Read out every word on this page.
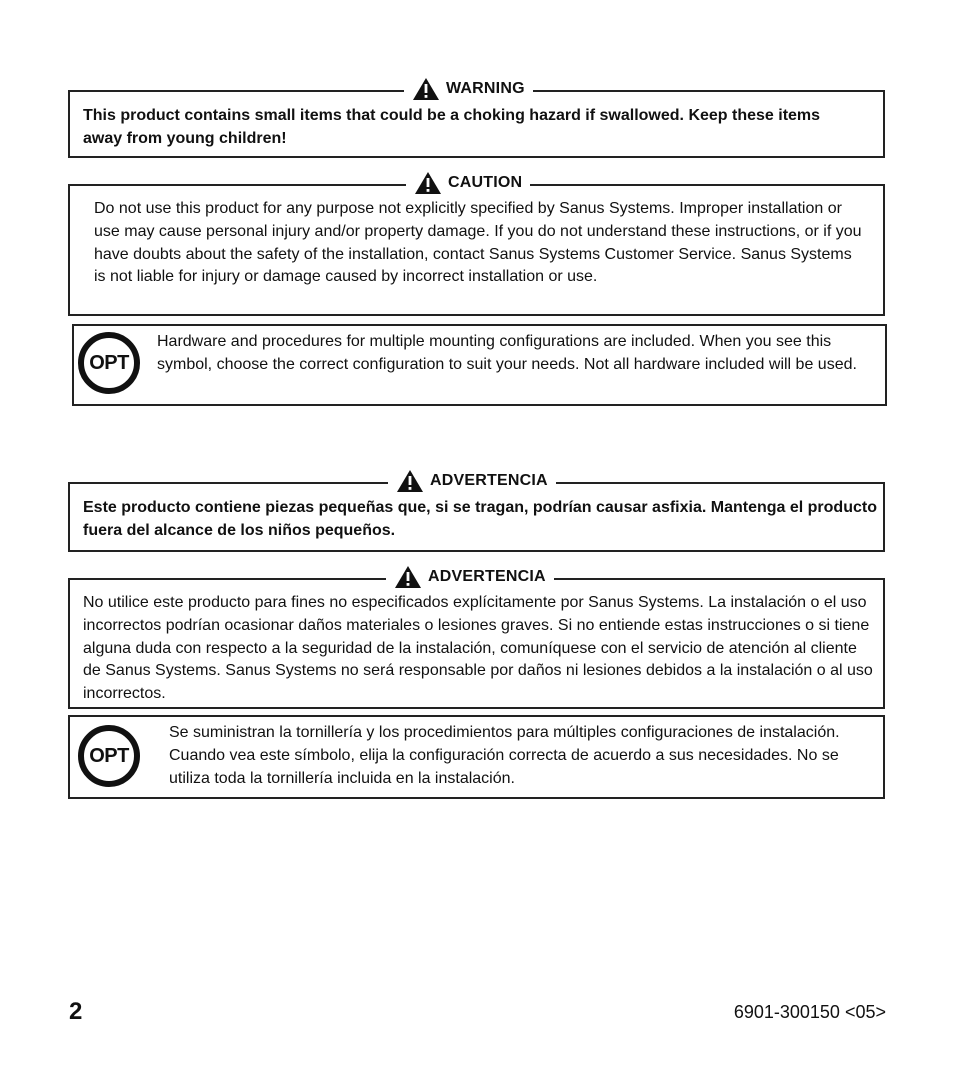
WARNING
This product contains small items that could be a choking hazard if swallowed. Keep these items away from young children!
CAUTION
Do not use this product for any purpose not explicitly specified by Sanus Systems. Improper installation or use may cause personal injury and/or property damage. If you do not understand these instructions, or if you have doubts about the safety of the installation, contact Sanus Systems Customer Service. Sanus Systems is not liable for injury or damage caused by incorrect installation or use.
OPT
Hardware and procedures for multiple mounting configurations are included. When you see this symbol, choose the correct configuration to suit your needs. Not all hardware included will be used.
ADVERTENCIA
Este producto contiene piezas pequeñas que, si se tragan, podrían causar asfixia. Mantenga el producto fuera del alcance de los niños pequeños.
ADVERTENCIA
No utilice este producto para fines no especificados explícitamente por Sanus Systems. La instalación o el uso incorrectos podrían ocasionar daños materiales o lesiones graves. Si no entiende estas instrucciones o si tiene alguna duda con respecto a la seguridad de la instalación, comuníquese con el servicio de atención al cliente de Sanus Systems. Sanus Systems no será responsable por daños ni lesiones debidos a la instalación o al uso incorrectos.
OPT
Se suministran la tornillería y los procedimientos para múltiples configuraciones de instalación. Cuando vea este símbolo, elija la configuración correcta de acuerdo a sus necesidades. No se utiliza toda la tornillería incluida en la instalación.
2	6901-300150 <05>
